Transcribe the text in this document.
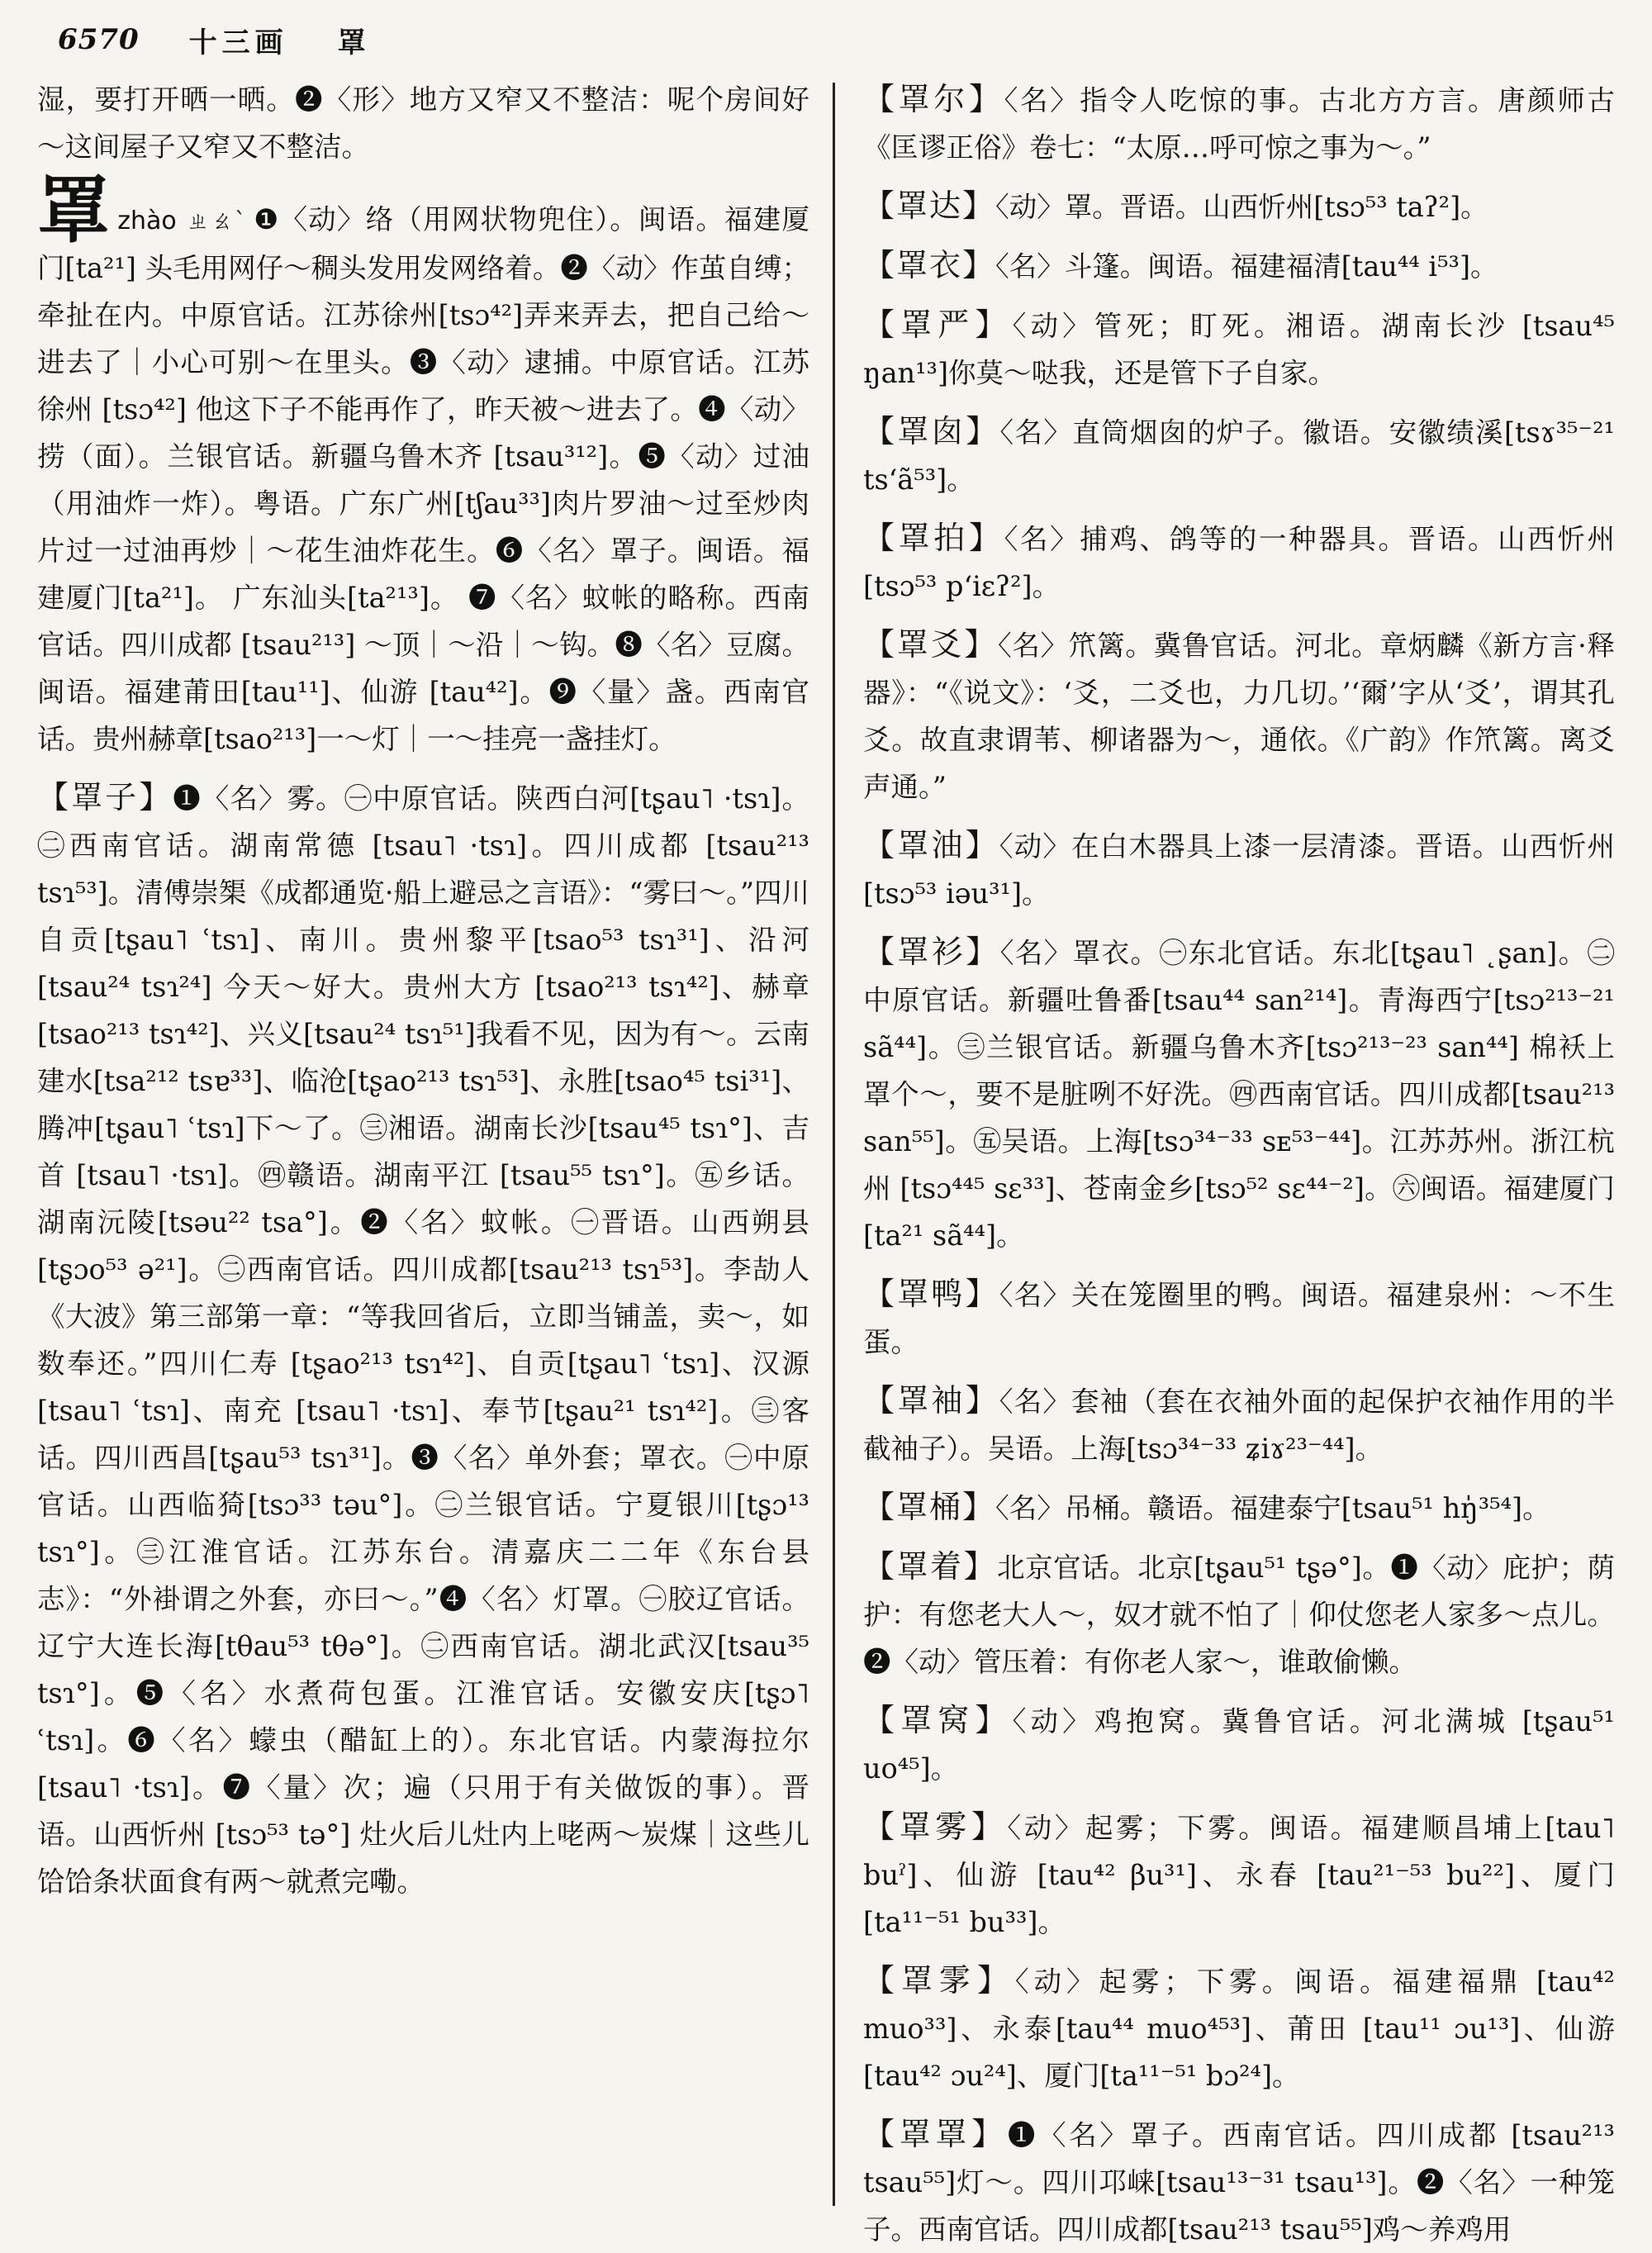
6570 十三画 罩

湿，要打开晒一晒。❷〈形〉地方又窄又不整洁：呢个房间好～这间屋子又窄又不整洁。

罩zhào ㄓㄠˋ ❶〈动〉络（用网状物兜住）。闽语。福建厦门[ta²¹] 头毛用网仔～稠头发用发网络着。❷〈动〉作茧自缚；牵扯在内。中原官话。江苏徐州[tsɔ⁴²]弄来弄去，把自己给～进去了｜小心可别～在里头。❸〈动〉逮捕。中原官话。江苏徐州 [tsɔ⁴²] 他这下子不能再作了，昨天被～进去了。❹〈动〉捞（面）。兰银官话。新疆乌鲁木齐 [tsau³¹²]。❺〈动〉过油（用油炸一炸）。粤语。广东广州[tʃau³³]肉片罗油～过至炒肉片过一过油再炒｜～花生油炸花生。❻〈名〉罩子。闽语。福建厦门[ta²¹]。 广东汕头[ta²¹³]。 ❼〈名〉蚊帐的略称。西南官话。四川成都 [tsau²¹³] ～顶｜～沿｜～钩。❽〈名〉豆腐。闽语。福建莆田[tau¹¹]、仙游 [tau⁴²]。❾〈量〉盏。西南官话。贵州赫章[tsao²¹³]一～灯｜一～挂亮一盏挂灯。

【 罩子 】 ❶〈名〉雾。㊀中原官话。陕西白河[tʂau˥ ·tsɿ]。㊁西南官话。湖南常德 [tsau˥ ·tsɿ]。四川成都 [tsau²¹³ tsɿ⁵³]。清傅崇榘《成都通览·船上避忌之言语》：“雾曰～。”四川自贡[tʂau˥ ʿtsɿ]、南川。贵州黎平[tsao⁵³ tsɿ³¹]、沿河[tsau²⁴ tsɿ²⁴] 今天～好大。贵州大方 [tsao²¹³ tsɿ⁴²]、赫章[tsao²¹³ tsɿ⁴²]、兴义[tsau²⁴ tsɿ⁵¹]我看不见，因为有～。云南建水[tsa²¹² tsɐ³³]、临沧[tʂao²¹³ tsɿ⁵³]、永胜[tsao⁴⁵ tsi³¹]、腾冲[tʂau˥ ʿtsɿ]下～了。㊂湘语。湖南长沙[tsau⁴⁵ tsɿ°]、吉首 [tsau˥ ·tsɿ]。㊃赣语。湖南平江 [tsau⁵⁵ tsɿ°]。㊄乡话。湖南沅陵[tsəu²² tsa°]。❷〈名〉蚊帐。㊀晋语。山西朔县[tʂɔo⁵³ ə²¹]。㊁西南官话。四川成都[tsau²¹³ tsɿ⁵³]。李劼人《大波》第三部第一章：“等我回省后，立即当铺盖，卖～，如数奉还。”四川仁寿 [tʂao²¹³ tsɿ⁴²]、自贡[tʂau˥ ʿtsɿ]、汉源[tsau˥ ʿtsɿ]、南充 [tsau˥ ·tsɿ]、奉节[tʂau²¹ tsɿ⁴²]。㊂客话。四川西昌[tʂau⁵³ tsɿ³¹]。❸〈名〉单外套；罩衣。㊀中原官话。山西临猗[tsɔ³³ təu°]。㊁兰银官话。宁夏银川[tʂɔ¹³ tsɿ°]。㊂江淮官话。江苏东台。清嘉庆二二年《东台县志》：“外褂谓之外套，亦曰～。”❹〈名〉灯罩。㊀胶辽官话。辽宁大连长海[tθau⁵³ tθə°]。㊁西南官话。湖北武汉[tsau³⁵ tsɿ°]。❺〈名〉水煮荷包蛋。江淮官话。安徽安庆[tʂɔ˥ ʿtsɿ]。❻〈名〉蠓虫（醋缸上的）。东北官话。内蒙海拉尔[tsau˥ ·tsɿ]。❼〈量〉次；遍（只用于有关做饭的事）。晋语。山西忻州 [tsɔ⁵³ tə°] 灶火后儿灶内上咾两～炭煤｜这些儿饸饸条状面食有两～就煮完嘞。

【 罩尔 】 〈名〉指令人吃惊的事。古北方方言。唐颜师古《匡谬正俗》卷七：“太原…呼可惊之事为～。”

【 罩达 】 〈动〉罩。晋语。山西忻州[tsɔ⁵³ taʔ²]。

【 罩衣 】 〈名〉斗篷。闽语。福建福清[tau⁴⁴ i⁵³]。

【 罩严 】 〈动〉管死；盯死。湘语。湖南长沙 [tsau⁴⁵ ŋan¹³]你莫～哒我，还是管下子自家。

【 罩囱 】 〈名〉直筒烟囱的炉子。徽语。安徽绩溪[tsɤ³⁵⁻²¹ tsʻã⁵³]。

【 罩拍 】 〈名〉捕鸡、鸽等的一种器具。晋语。山西忻州[tsɔ⁵³ pʻiɛʔ²]。

【 罩爻 】 〈名〉笊篱。冀鲁官话。河北。章炳麟《新方言·释器》：“《说文》：‘爻，二爻也，力几切。’‘爾’字从‘爻’，谓其孔爻。故直隶谓苇、柳诸器为～，通依。《广韵》作笊篱。离爻声通。”

【 罩油 】 〈动〉在白木器具上漆一层清漆。晋语。山西忻州[tsɔ⁵³ iəu³¹]。

【 罩衫 】 〈名〉罩衣。㊀东北官话。东北[tʂau˥ ˛ʂan]。㊁中原官话。新疆吐鲁番[tsau⁴⁴ san²¹⁴]。青海西宁[tsɔ²¹³⁻²¹ sã⁴⁴]。㊂兰银官话。新疆乌鲁木齐[tsɔ²¹³⁻²³ san⁴⁴] 棉袄上罩个～，要不是脏咧不好洗。㊃西南官话。四川成都[tsau²¹³ san⁵⁵]。㊄吴语。上海[tsɔ³⁴⁻³³ sᴇ⁵³⁻⁴⁴]。江苏苏州。浙江杭州 [tsɔ⁴⁴⁵ sɛ³³]、苍南金乡[tsɔ⁵² sɛ⁴⁴⁻²]。㊅闽语。福建厦门[ta²¹ sã⁴⁴]。

【 罩鸭 】 〈名〉关在笼圈里的鸭。闽语。福建泉州：～不生蛋。

【 罩袖 】 〈名〉套袖（套在衣袖外面的起保护衣袖作用的半截袖子）。吴语。上海[tsɔ³⁴⁻³³ ʑiɤ²³⁻⁴⁴]。

【 罩桶 】 〈名〉吊桶。赣语。福建泰宁[tsau⁵¹ hŋ̍³⁵⁴]。

【 罩着 】 北京官话。北京[tʂau⁵¹ tʂə°]。❶〈动〉庇护；荫护：有您老大人～，奴才就不怕了｜仰仗您老人家多～点儿。❷〈动〉管压着：有你老人家～，谁敢偷懒。

【 罩窝 】 〈动〉鸡抱窝。冀鲁官话。河北满城 [tʂau⁵¹ uo⁴⁵]。

【 罩雾 】 〈动〉起雾；下雾。闽语。福建顺昌埔上[tau˥ buˀ]、仙游 [tau⁴² βu³¹]、永春 [tau²¹⁻⁵³ bu²²]、厦门[ta¹¹⁻⁵¹ bu³³]。

【 罩雺 】 〈动〉起雾；下雾。闽语。福建福鼎 [tau⁴² muo³³]、永泰[tau⁴⁴ muo⁴⁵³]、莆田 [tau¹¹ ɔu¹³]、仙游[tau⁴² ɔu²⁴]、厦门[ta¹¹⁻⁵¹ bɔ²⁴]。

【 罩罩 】 ❶〈名〉罩子。西南官话。四川成都 [tsau²¹³ tsau⁵⁵]灯～。四川邛崃[tsau¹³⁻³¹ tsau¹³]。❷〈名〉一种笼子。西南官话。四川成都[tsau²¹³ tsau⁵⁵]鸡～养鸡用
